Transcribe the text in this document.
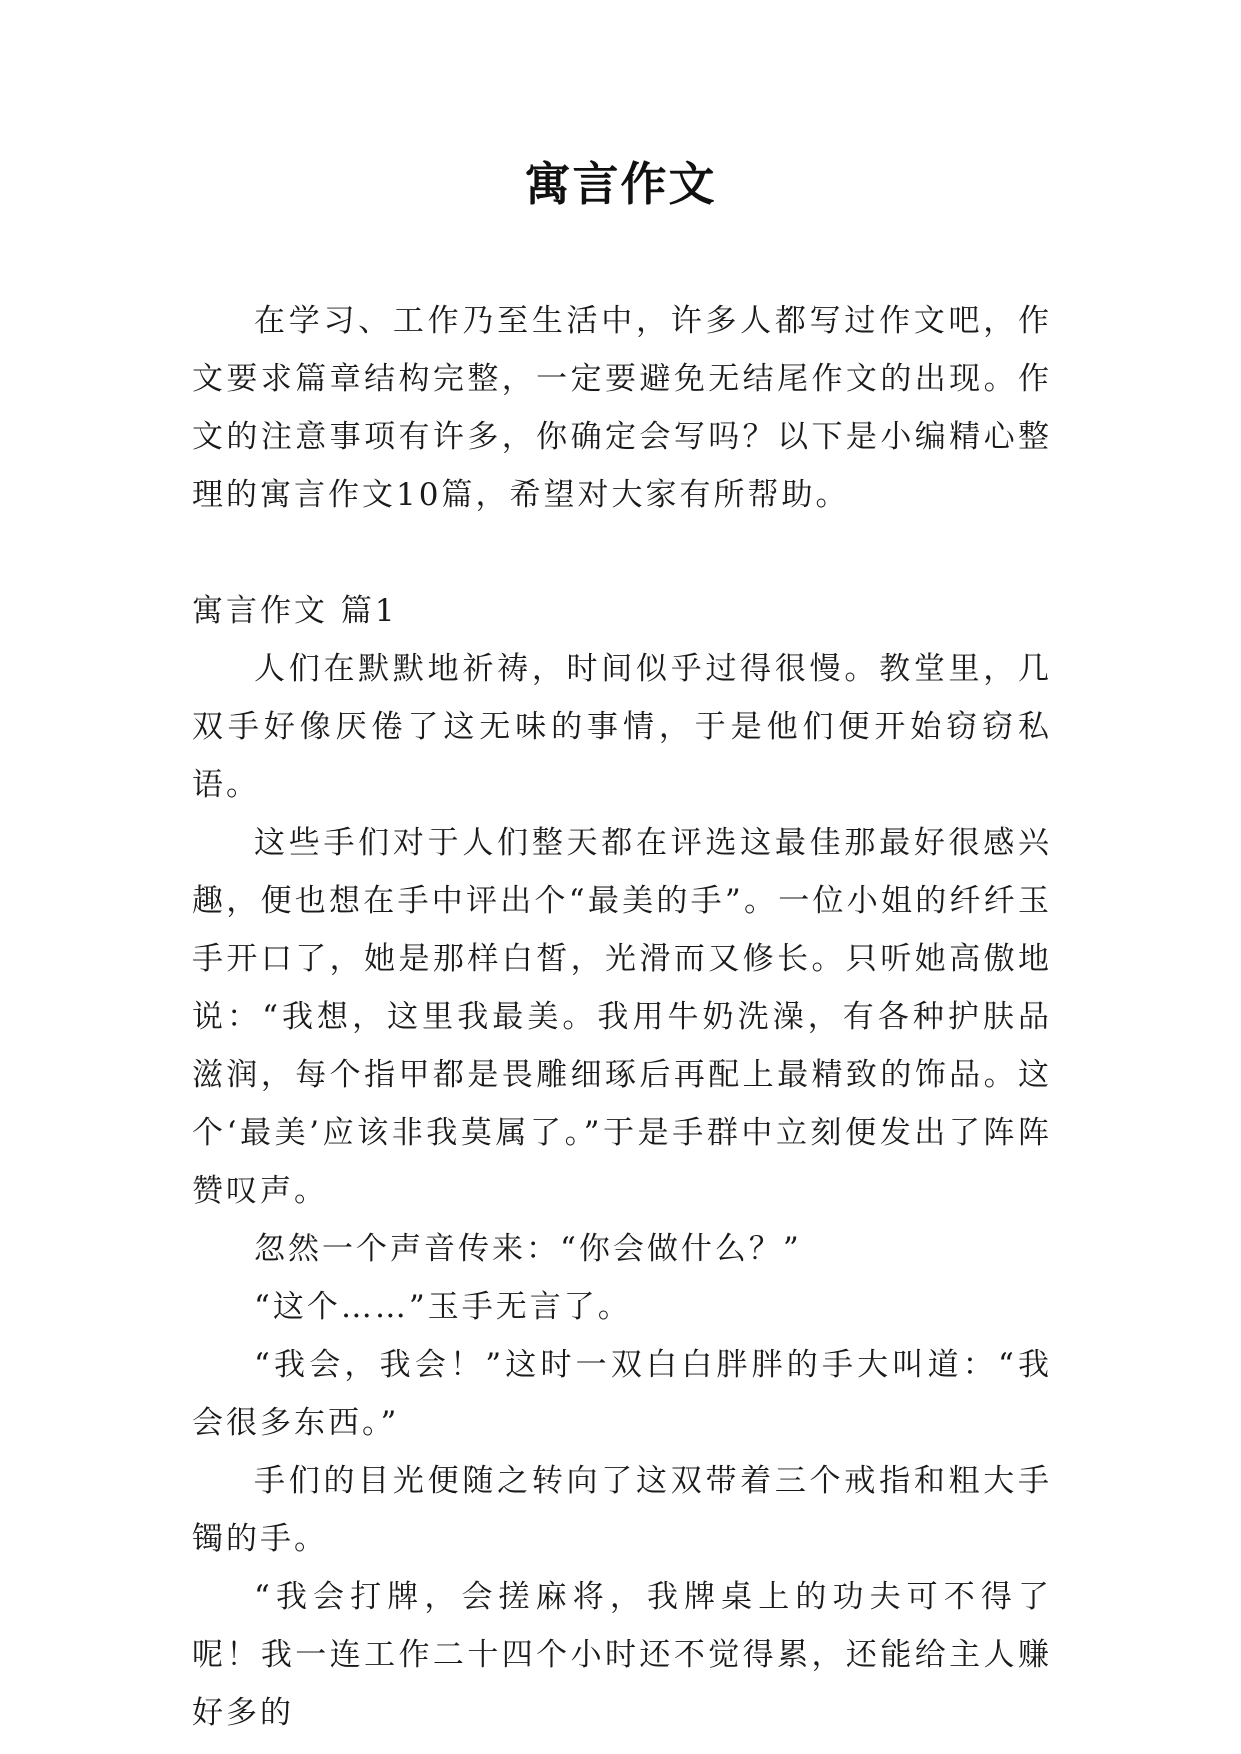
寓言作文

在学习、工作乃至生活中，许多人都写过作文吧，作文要求篇章结构完整，一定要避免无结尾作文的出现。作文的注意事项有许多，你确定会写吗？以下是小编精心整理的寓言作文10篇，希望对大家有所帮助。

寓言作文 篇1

人们在默默地祈祷，时间似乎过得很慢。教堂里，几双手好像厌倦了这无味的事情，于是他们便开始窃窃私语。

这些手们对于人们整天都在评选这最佳那最好很感兴趣，便也想在手中评出个“最美的手”。一位小姐的纤纤玉手开口了，她是那样白皙，光滑而又修长。只听她高傲地说：“我想，这里我最美。我用牛奶洗澡，有各种护肤品滋润，每个指甲都是畏雕细琢后再配上最精致的饰品。这个‘最美’应该非我莫属了。”于是手群中立刻便发出了阵阵赞叹声。

忽然一个声音传来：“你会做什么？”

“这个……”玉手无言了。

“我会，我会！”这时一双白白胖胖的手大叫道：“我会很多东西。”

手们的目光便随之转向了这双带着三个戒指和粗大手镯的手。

“我会打牌，会搓麻将，我牌桌上的功夫可不得了呢！我一连工作二十四个小时还不觉得累，还能给主人赚好多的
